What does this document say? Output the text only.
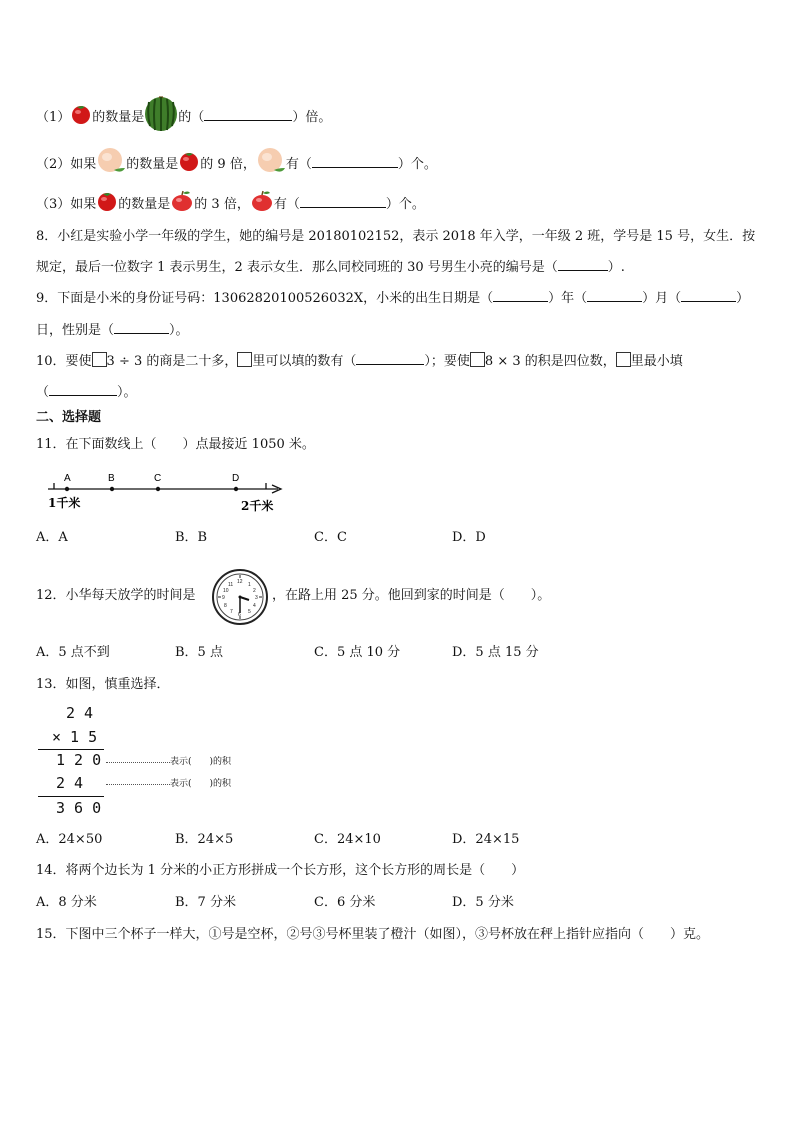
（1） 的数量是	的（	）倍。
（2）如果 的数量是 的 9 倍， 有（	）个。
（3）如果 的数量是 的 3 倍， 有（	）个。
8．小红是实验小学一年级的学生，她的编号是 20180102152，表示 2018 年入学，一年级 2 班，学号是 15 号，女生．按
规定，最后一位数字 1 表示男生，2 表示女生．那么同校同班的 30 号男生小亮的编号是（	）.
9．下面是小米的身份证号码：13062820100526032X，小米的出生日期是（	）年（	）月（	）
日，性别是（	）。
10．要使 3 ÷ 3 的商是二十多， 里可以填的数有（	）；要使 8 × 3 的积是四位数， 里最小填
（	）。
二、选择题
11．在下面数线上（　　）点最接近 1050 米。
A	B	C	D
1千米	2千米
A．A	B．B	C．C	D．D
12．小华每天放学的时间是
12
3
6
9
1
2
4
5
7
8
10
11
，在路上用 25 分。他回到家的时间是（　　）。
A．5 点不到	B．5 点	C．5 点 10 分	D．5 点 15 分
13．如图，慎重选择．
2 4
× 1 5
1 2 0
2 4
3 6 0
表示(　　)的积
表示(　　)的积
A．24×50	B．24×5	C．24×10	D．24×15
14．将两个边长为 1 分米的小正方形拼成一个长方形，这个长方形的周长是（　　）
A．8 分米	B．7 分米	C．6 分米	D．5 分米
15．下图中三个杯子一样大，①号是空杯，②号③号杯里装了橙汁（如图），③号杯放在秤上指针应指向（　　）克。
